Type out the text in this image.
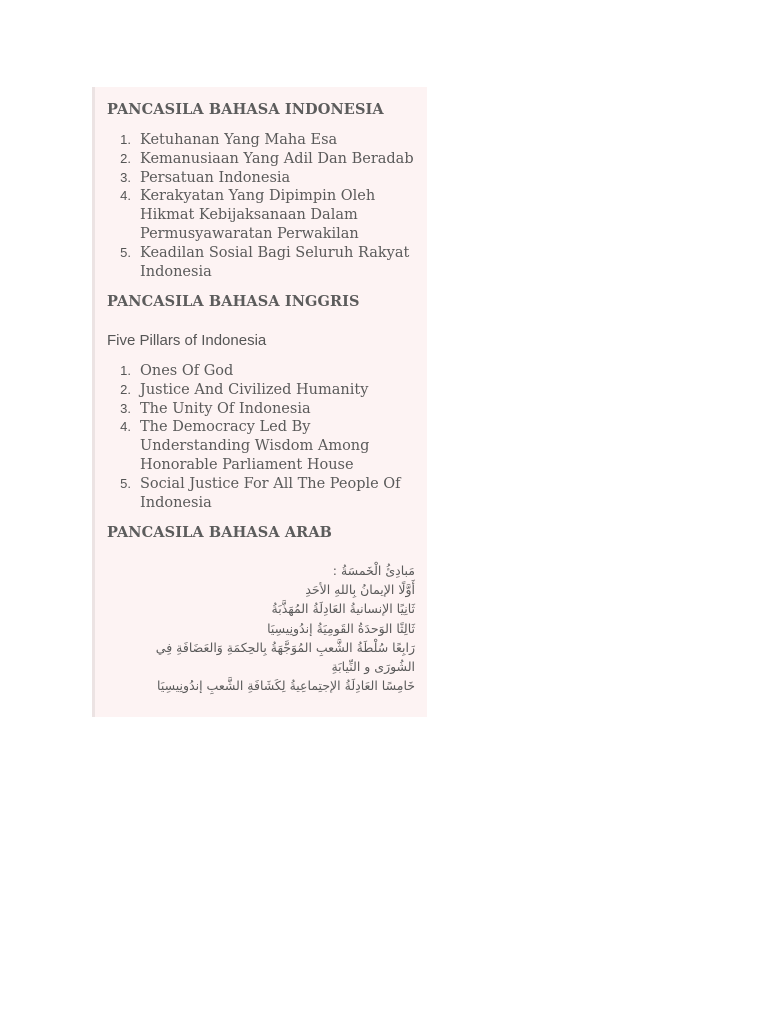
PANCASILA BAHASA INDONESIA
1. Ketuhanan Yang Maha Esa
2. Kemanusiaan Yang Adil Dan Beradab
3. Persatuan Indonesia
4. Kerakyatan Yang Dipimpin Oleh Hikmat Kebijaksanaan Dalam Permusyawaratan Perwakilan
5. Keadilan Sosial Bagi Seluruh Rakyat Indonesia
PANCASILA BAHASA INGGRIS
Five Pillars of Indonesia
1. Ones Of God
2. Justice And Civilized Humanity
3. The Unity Of Indonesia
4. The Democracy Led By Understanding Wisdom Among Honorable Parliament House
5. Social Justice For All The People Of Indonesia
PANCASILA BAHASA ARAB
مَبادِئُ الْخَمسَةُ :
أَوَّلًا الإيمانُ بِاللهِ الأحَدِ
ثَانِيًا الإنسانيةُ العَادِلَةُ المُهَذَّبَةُ
ثَالِثًا الوَحدَةُ القَومِيَةُ إندُونِيسِيَا
رَابِعًا سُلْطَةُ الشَّعبِ المُوَجَّهَةُ بِالحِكمَةِ وَالعَضَافَةِ فِي الشُورَى و النِّيابَةِ
خَامِسًا العَادِلَةُ الإجتِماعِيةُ لِكَشَافَةِ الشَّعبِ إندُونِيسِيَا
